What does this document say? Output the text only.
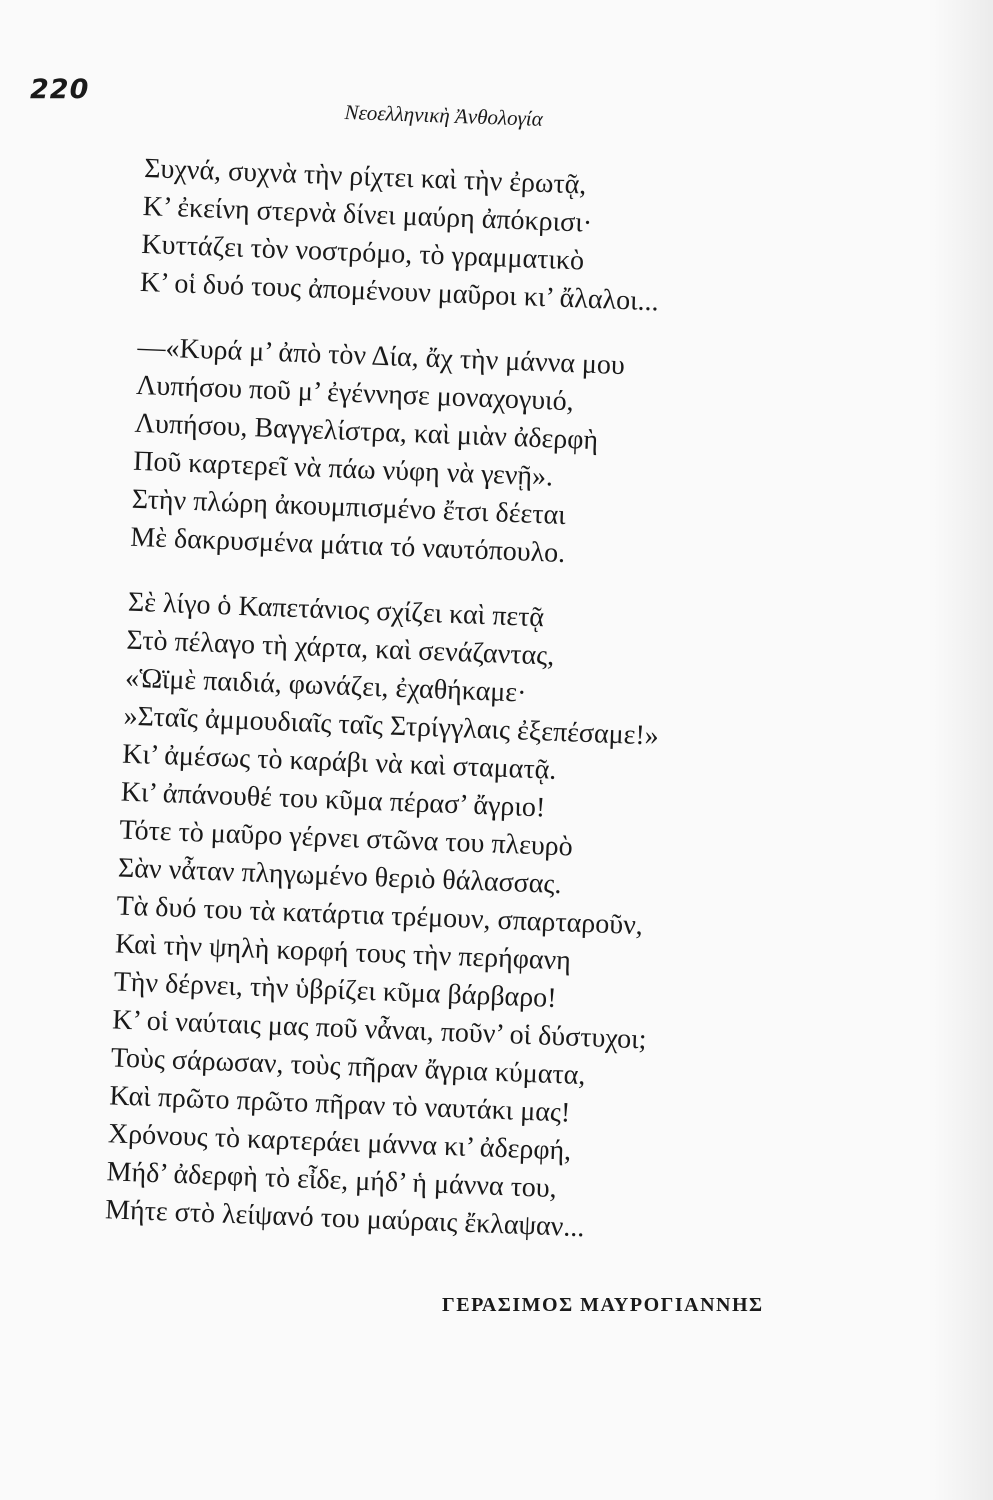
220
Νεοελληνικὴ Ἀνθολογία
Συχνά, συχνὰ τὴν ρίχτει καὶ τὴν ἐρωτᾷ,
Κ’ ἐκείνη στερνὰ δίνει μαύρη ἀπόκρισι·
Κυττάζει τὸν νοστρόμο, τὸ γραμματικὸ
Κ’ οἱ δυό τους ἀπομένουν μαῦροι κι’ ἄλαλοι...
—«Κυρά μ’ ἀπὸ τὸν Δία, ἄχ τὴν μάννα μου
Λυπήσου ποῦ μ’ ἐγέννησε μοναχογυιό,
Λυπήσου, Βαγγελίστρα, καὶ μιὰν ἀδερφὴ
Ποῦ καρτερεῖ νὰ πάω νύφη νὰ γενῇ».
Στὴν πλώρη ἀκουμπισμένο ἔτσι δέεται
Μὲ δακρυσμένα μάτια τό ναυτόπουλο.
Σὲ λίγο ὁ Καπετάνιος σχίζει καὶ πετᾷ
Στὸ πέλαγο τὴ χάρτα, καὶ σενάζαντας,
«Ὡϊμὲ παιδιά, φωνάζει, ἐχαθήκαμε·
»Σταῖς ἀμμουδιαῖς ταῖς Στρίγγλαις ἐξεπέσαμε!»
Κι’ ἀμέσως τὸ καράβι νὰ καὶ σταματᾷ.
Κι’ ἀπάνουθέ του κῦμα πέρασ’ ἄγριο!
Τότε τὸ μαῦρο γέρνει στῶνα του πλευρὸ
Σὰν νἆταν πληγωμένο θεριὸ θάλασσας.
Τὰ δυό του τὰ κατάρτια τρέμουν, σπαρταροῦν,
Καὶ τὴν ψηλὴ κορφή τους τὴν περήφανη
Τὴν δέρνει, τὴν ὑβρίζει κῦμα βάρβαρο!
Κ’ οἱ ναύταις μας ποῦ νἆναι, ποῦν’ οἱ δύστυχοι;
Τοὺς σάρωσαν, τοὺς πῆραν ἄγρια κύματα,
Καὶ πρῶτο πρῶτο πῆραν τὸ ναυτάκι μας!
Χρόνους τὸ καρτεράει μάννα κι’ ἀδερφή,
Μήδ’ ἀδερφὴ τὸ εἶδε, μήδ’ ἡ μάννα του,
Μήτε στὸ λείψανό του μαύραις ἔκλαψαν...
ΓΕΡΑΣΙΜΟΣ ΜΑΥΡΟΓΙΑΝΝΗΣ
